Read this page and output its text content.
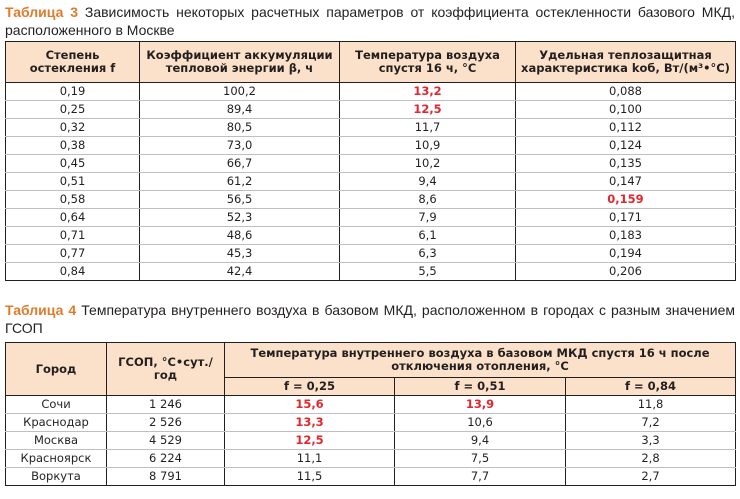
Таблица 3 Зависимость некоторых расчетных параметров от коэффициента остекленности базового МКД, расположенного в Москве
Степень остекления f	Коэффициент аккумуляции тепловой энергии β, ч	Температура воздуха спустя 16 ч, °С	Удельная теплозащитная характеристика kоб, Вт/(м³•°С)
0,19	100,2	13,2	0,088
0,25	89,4	12,5	0,100
0,32	80,5	11,7	0,112
0,38	73,0	10,9	0,124
0,45	66,7	10,2	0,135
0,51	61,2	9,4	0,147
0,58	56,5	8,6	0,159
0,64	52,3	7,9	0,171
0,71	48,6	6,1	0,183
0,77	45,3	6,3	0,194
0,84	42,4	5,5	0,206
Таблица 4 Температура внутреннего воздуха в базовом МКД, расположенном в городах с разным значением ГСОП
Город	ГСОП, °С•сут./год	Температура внутреннего воздуха в базовом МКД спустя 16 ч после отключения отопления, °С		
		f = 0,25	f = 0,51	f = 0,84
Сочи	1 246	15,6	13,9	11,8
Краснодар	2 526	13,3	10,6	7,2
Москва	4 529	12,5	9,4	3,3
Красноярск	6 224	11,1	7,5	2,8
Воркута	8 791	11,5	7,7	2,7
